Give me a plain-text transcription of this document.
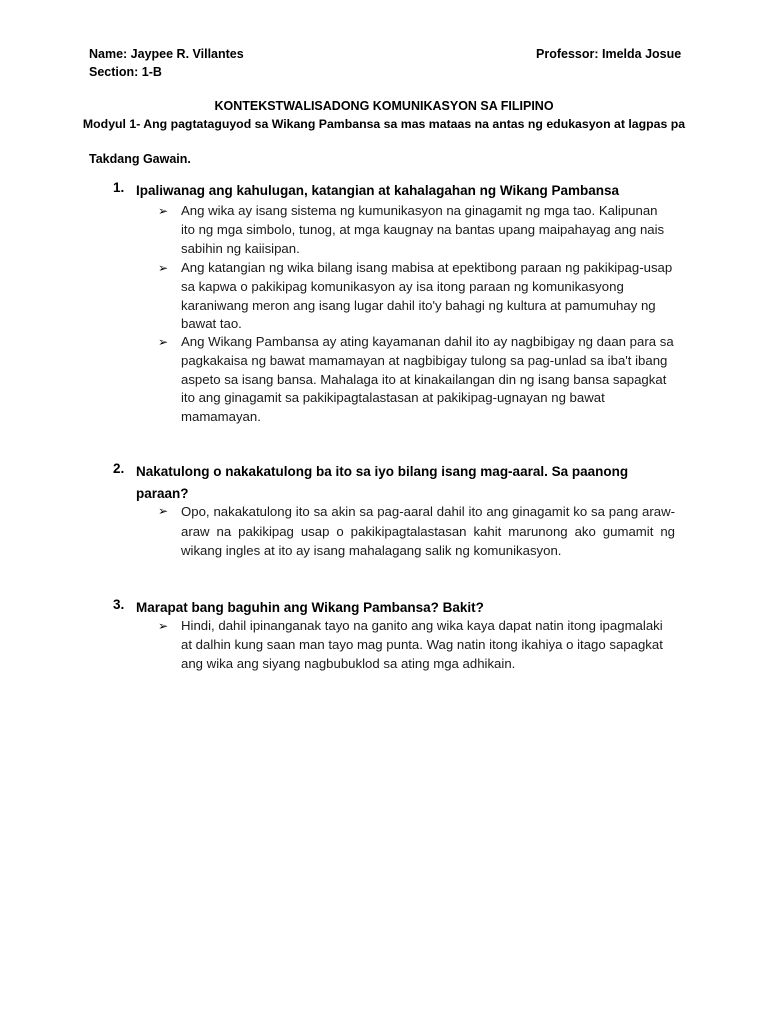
Name: Jaypee R. Villantes
Section: 1-B
Professor: Imelda Josue
KONTEKSTWALISADONG KOMUNIKASYON SA FILIPINO
Modyul 1- Ang pagtataguyod sa Wikang Pambansa sa mas mataas na antas ng edukasyon at lagpas pa
Takdang Gawain.
1. Ipaliwanag ang kahulugan, katangian at kahalagahan ng Wikang Pambansa
➢ Ang wika ay isang sistema ng kumunikasyon na ginagamit ng mga tao. Kalipunan ito ng mga simbolo, tunog, at mga kaugnay na bantas upang maipahayag ang nais sabihin ng kaiisipan.
➢ Ang katangian ng wika bilang isang mabisa at epektibong paraan ng pakikipag-usap sa kapwa o pakikipag komunikasyon ay isa itong paraan ng komunikasyong karaniwang meron ang isang lugar dahil ito'y bahagi ng kultura at pamumuhay ng bawat tao.
➢ Ang Wikang Pambansa ay ating kayamanan dahil ito ay nagbibigay ng daan para sa pagkakaisa ng bawat mamamayan at nagbibigay tulong sa pag-unlad sa iba't ibang aspeto sa isang bansa. Mahalaga ito at kinakailangan din ng isang bansa sapagkat ito ang ginagamit sa pakikipagtalastasan at pakikipag-ugnayan ng bawat mamamayan.
2. Nakatulong o nakakatulong ba ito sa iyo bilang isang mag-aaral. Sa paanong paraan?
➢ Opo, nakakatulong ito sa akin sa pag-aaral dahil ito ang ginagamit ko sa pang araw-araw na pakikipag usap o pakikipagtalastasan kahit marunong ako gumamit ng wikang ingles at ito ay isang mahalagang salik ng komunikasyon.
3. Marapat bang baguhin ang Wikang Pambansa? Bakit?
➢ Hindi, dahil ipinanganak tayo na ganito ang wika kaya dapat natin itong ipagmalaki at dalhin kung saan man tayo mag punta. Wag natin itong ikahiya o itago sapagkat ang wika ang siyang nagbubuklod sa ating mga adhikain.
